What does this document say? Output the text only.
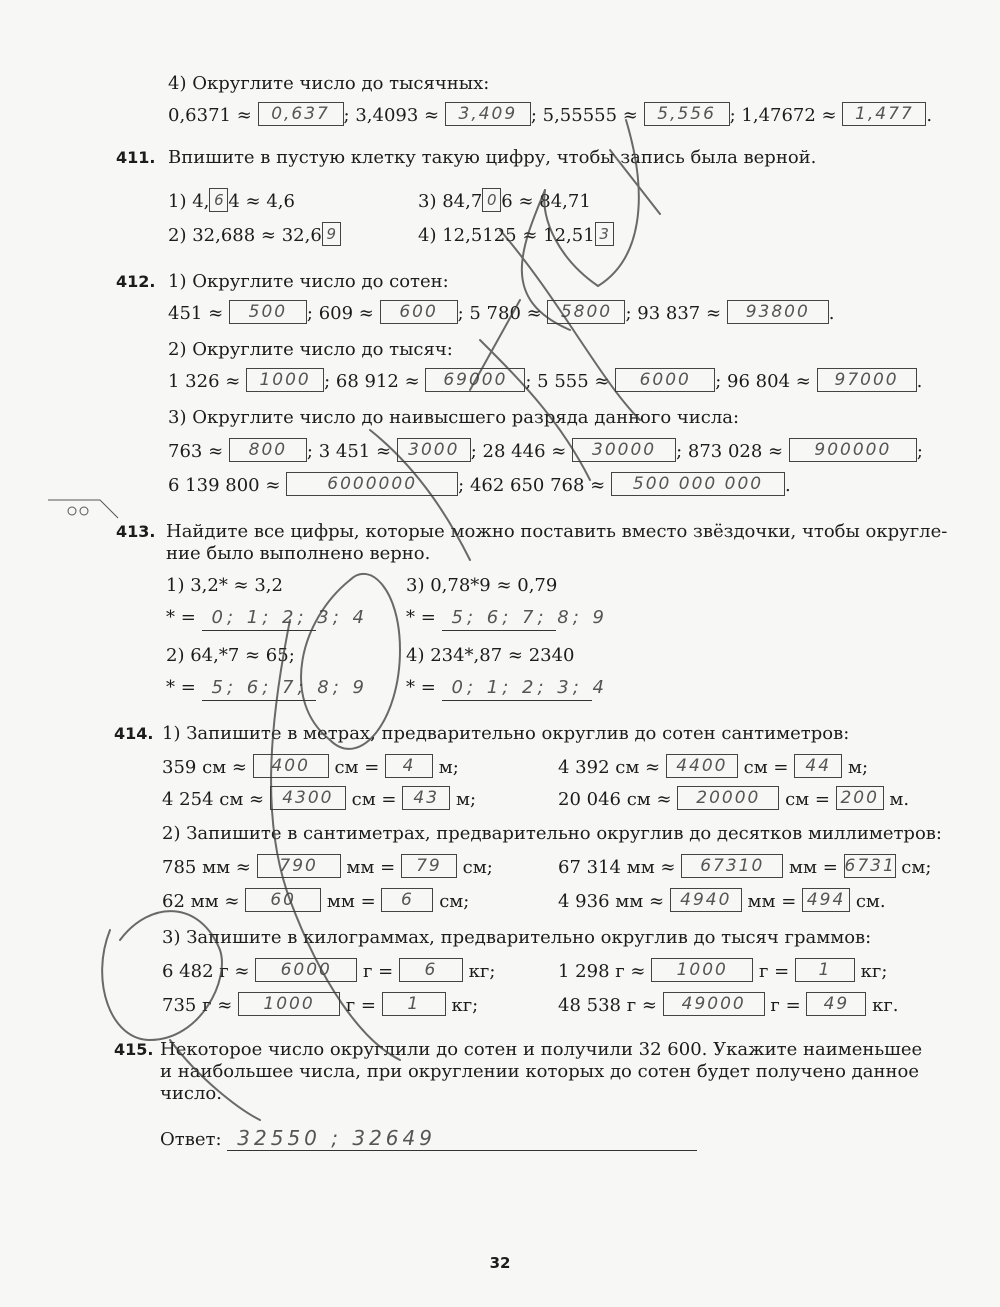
4) Округлите число до тысячных:
0,6371 ≈ 0,637 ; 3,4093 ≈ 3,409 ; 5,55555 ≈ 5,556 ; 1,47672 ≈ 1,477 .
411. Впишите в пустую клетку такую цифру, чтобы запись была верной.
1) 4, 6 4 ≈ 4,6	3) 84,7 0 6 ≈ 84,71
2) 32,688 ≈ 32,6 9	4) 12,5125 ≈ 12,51 3
412. 1) Округлите число до сотен:
451 ≈ 500 ; 609 ≈ 600 ; 5 780 ≈ 5800 ; 93 837 ≈ 93800 .
2) Округлите число до тысяч:
1 326 ≈ 1000 ; 68 912 ≈ 69000 ; 5 555 ≈ 6000 ; 96 804 ≈ 97000 .
3) Округлите число до наивысшего разряда данного числа:
763 ≈ 800 ; 3 451 ≈ 3000 ; 28 446 ≈ 30000 ; 873 028 ≈ 900000 ;
6 139 800 ≈	6000000 ; 462 650 768 ≈ 500 000 000 .
413. Найдите все цифры, которые можно поставить вместо звёздочки, чтобы округле-
ние было выполнено верно.
1) 3,2* ≈ 3,2	3) 0,78*9 ≈ 0,79
* = 0; 1; 2; 3; 4 * = 5; 6; 7; 8; 9
2) 64,*7 ≈ 65;	4) 234*,87 ≈ 2340
* = 5; 6; 7; 8; 9 * = 0; 1; 2; 3; 4
414. 1) Запишите в метрах, предварительно округлив до сотен сантиметров:
359 см ≈ 400 см = 4 м;	4 392 см ≈ 4400 см = 44 м;
4 254 см ≈ 4300 см = 43 м;	20 046 см ≈ 20000 см = 200 м.
2) Запишите в сантиметрах, предварительно округлив до десятков миллиметров:
785 мм ≈ 790 мм = 79 см;	67 314 мм ≈ 67310 мм = 6731 см;
62 мм ≈ 60 мм = 6 см;	4 936 мм ≈ 4940 мм = 494 см.
3) Запишите в килограммах, предварительно округлив до тысяч граммов:
6 482 г ≈ 6000 г = 6 кг;	1 298 г ≈ 1000 г = 1 кг;
735 г ≈ 1000 г = 1 кг;	48 538 г ≈ 49000 г = 49 кг.
415. Некоторое число округлили до сотен и получили 32 600. Укажите наименьшее
и наибольшее числа, при округлении которых до сотен будет получено данное
число.
Ответ: 32550 ; 32649
32
